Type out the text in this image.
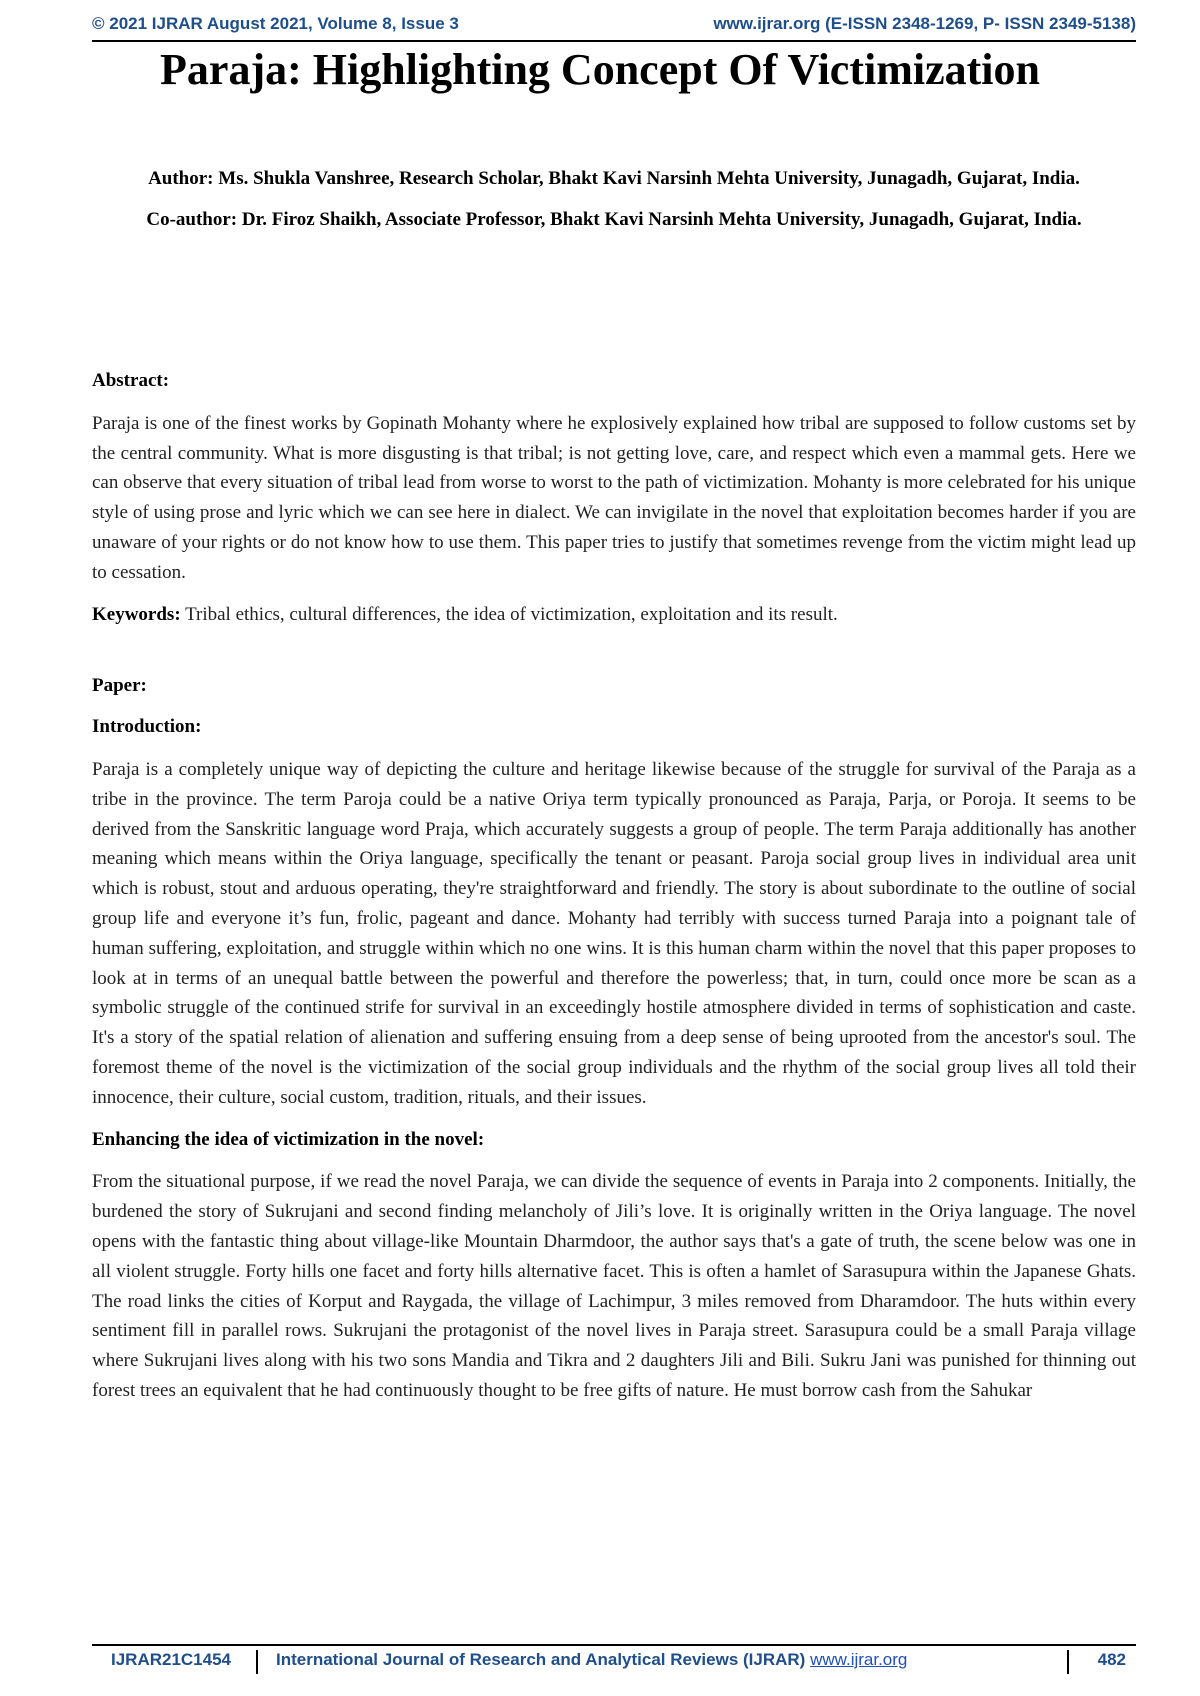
© 2021 IJRAR August 2021, Volume 8, Issue 3	www.ijrar.org (E-ISSN 2348-1269, P- ISSN 2349-5138)
Paraja: Highlighting Concept Of Victimization

Author: Ms. Shukla Vanshree, Research Scholar, Bhakt Kavi Narsinh Mehta University, Junagadh, Gujarat, India.

Co-author: Dr. Firoz Shaikh, Associate Professor, Bhakt Kavi Narsinh Mehta University, Junagadh, Gujarat, India.

Abstract:

Paraja is one of the finest works by Gopinath Mohanty where he explosively explained how tribal are supposed to follow customs set by the central community. What is more disgusting is that tribal; is not getting love, care, and respect which even a mammal gets. Here we can observe that every situation of tribal lead from worse to worst to the path of victimization. Mohanty is more celebrated for his unique style of using prose and lyric which we can see here in dialect. We can invigilate in the novel that exploitation becomes harder if you are unaware of your rights or do not know how to use them. This paper tries to justify that sometimes revenge from the victim might lead up to cessation.

Keywords: Tribal ethics, cultural differences, the idea of victimization, exploitation and its result.

Paper:

Introduction:

Paraja is a completely unique way of depicting the culture and heritage likewise because of the struggle for survival of the Paraja as a tribe in the province. The term Paroja could be a native Oriya term typically pronounced as Paraja, Parja, or Poroja. It seems to be derived from the Sanskritic language word Praja, which accurately suggests a group of people. The term Paraja additionally has another meaning which means within the Oriya language, specifically the tenant or peasant. Paroja social group lives in individual area unit which is robust, stout and arduous operating, they're straightforward and friendly. The story is about subordinate to the outline of social group life and everyone it’s fun, frolic, pageant and dance. Mohanty had terribly with success turned Paraja into a poignant tale of human suffering, exploitation, and struggle within which no one wins. It is this human charm within the novel that this paper proposes to look at in terms of an unequal battle between the powerful and therefore the powerless; that, in turn, could once more be scan as a symbolic struggle of the continued strife for survival in an exceedingly hostile atmosphere divided in terms of sophistication and caste. It's a story of the spatial relation of alienation and suffering ensuing from a deep sense of being uprooted from the ancestor's soul. The foremost theme of the novel is the victimization of the social group individuals and the rhythm of the social group lives all told their innocence, their culture, social custom, tradition, rituals, and their issues.

Enhancing the idea of victimization in the novel:

From the situational purpose, if we read the novel Paraja, we can divide the sequence of events in Paraja into 2 components. Initially, the burdened the story of Sukrujani and second finding melancholy of Jili’s love. It is originally written in the Oriya language. The novel opens with the fantastic thing about village-like Mountain Dharmdoor, the author says that's a gate of truth, the scene below was one in all violent struggle. Forty hills one facet and forty hills alternative facet. This is often a hamlet of Sarasupura within the Japanese Ghats. The road links the cities of Korput and Raygada, the village of Lachimpur, 3 miles removed from Dharamdoor. The huts within every sentiment fill in parallel rows. Sukrujani the protagonist of the novel lives in Paraja street. Sarasupura could be a small Paraja village where Sukrujani lives along with his two sons Mandia and Tikra and 2 daughters Jili and Bili. Sukru Jani was punished for thinning out forest trees an equivalent that he had continuously thought to be free gifts of nature. He must borrow cash from the Sahukar

IJRAR21C1454	International Journal of Research and Analytical Reviews (IJRAR) www.ijrar.org	482
